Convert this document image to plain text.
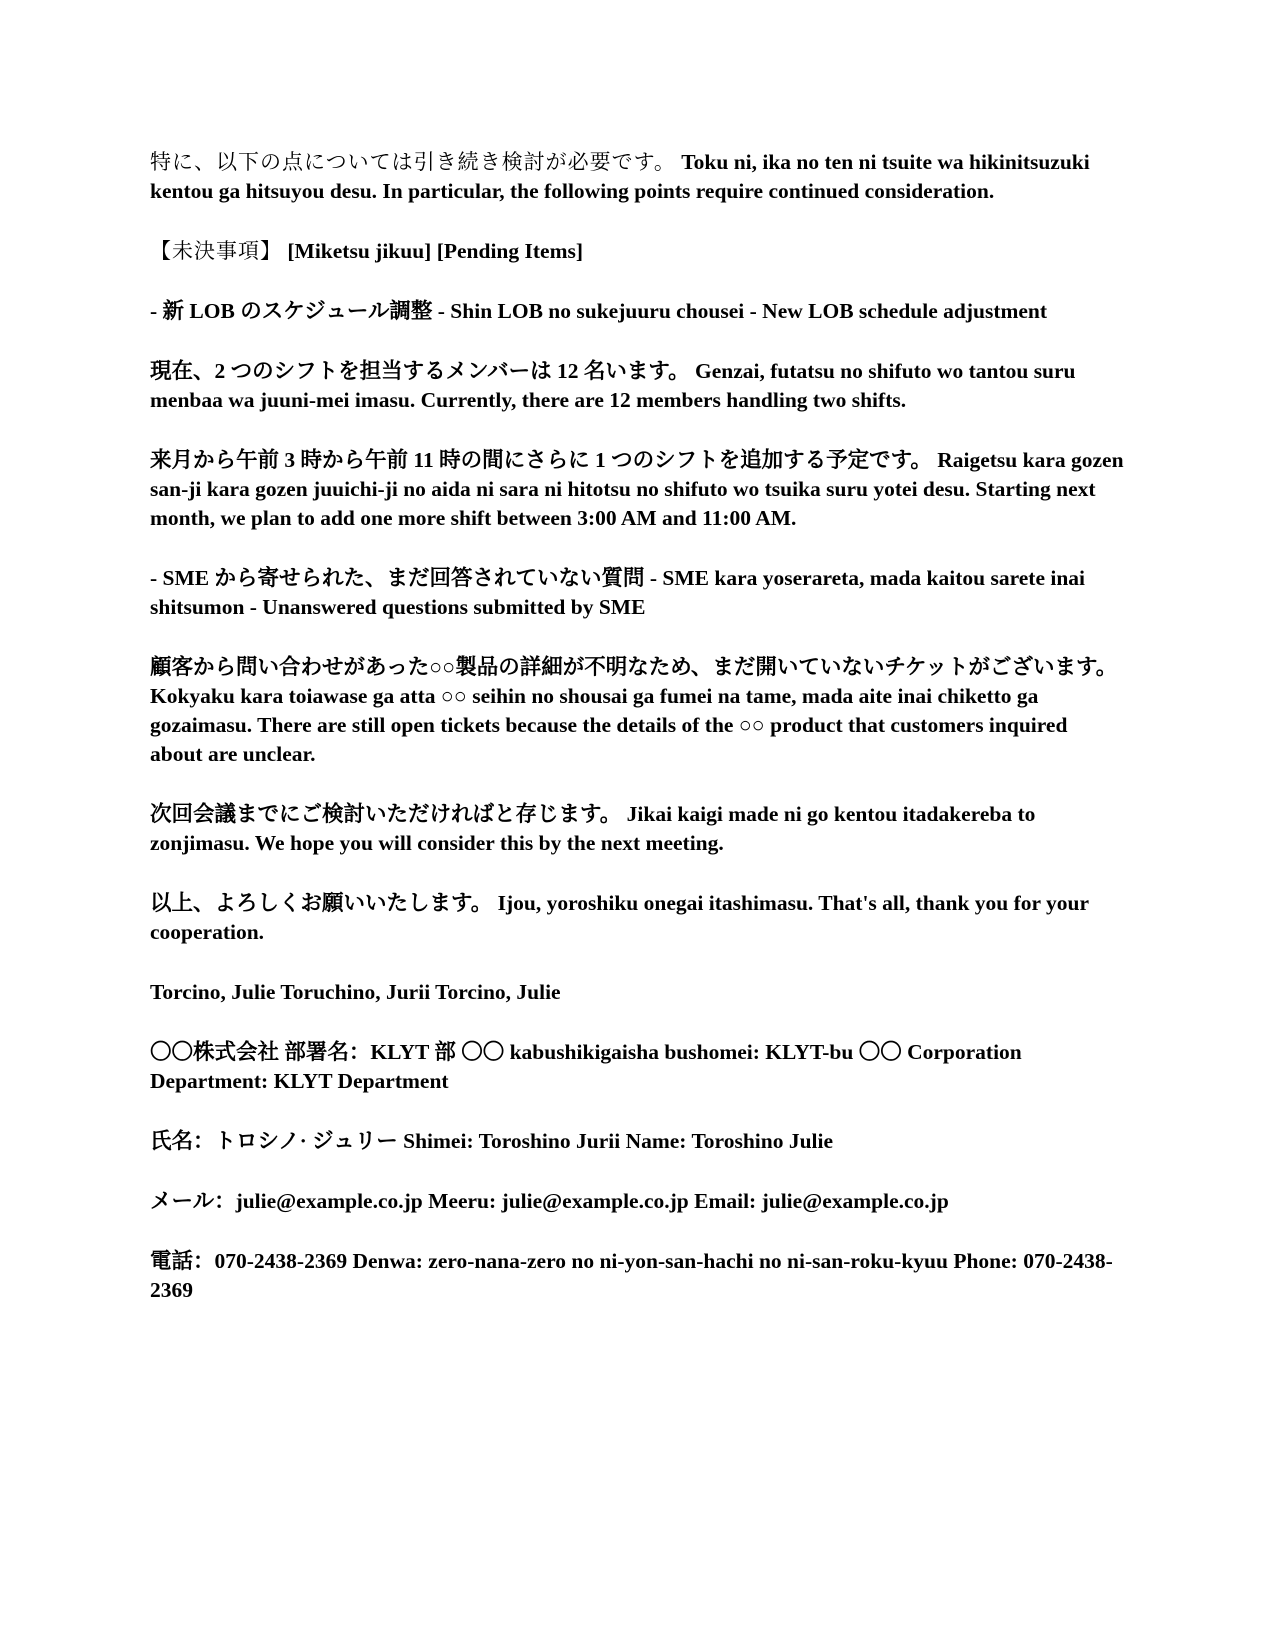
特に、以下の点については引き続き検討が必要です。 Toku ni, ika no ten ni tsuite wa hikinitsuzuki kentou ga hitsuyou desu. In particular, the following points require continued consideration.

【未決事項】 [Miketsu jikuu] [Pending Items]

- 新 LOB のスケジュール調整 - Shin LOB no sukejuuru chousei - New LOB schedule adjustment

現在、2 つのシフトを担当するメンバーは 12 名います。 Genzai, futatsu no shifuto wo tantou suru menbaa wa juuni-mei imasu. Currently, there are 12 members handling two shifts.

来月から午前 3 時から午前 11 時の間にさらに 1 つのシフトを追加する予定です。 Raigetsu kara gozen san-ji kara gozen juuichi-ji no aida ni sara ni hitotsu no shifuto wo tsuika suru yotei desu. Starting next month, we plan to add one more shift between 3:00 AM and 11:00 AM.

- SME から寄せられた、まだ回答されていない質問 - SME kara yoserareta, mada kaitou sarete inai shitsumon - Unanswered questions submitted by SME

顧客から問い合わせがあった○○製品の詳細が不明なため、まだ開いていないチケットがございます。 Kokyaku kara toiawase ga atta ○○ seihin no shousai ga fumei na tame, mada aite inai chiketto ga gozaimasu. There are still open tickets because the details of the ○○ product that customers inquired about are unclear.

次回会議までにご検討いただければと存じます。 Jikai kaigi made ni go kentou itadakereba to zonjimasu. We hope you will consider this by the next meeting.

以上、よろしくお願いいたします。 Ijou, yoroshiku onegai itashimasu. That's all, thank you for your cooperation.

Torcino, Julie Toruchino, Jurii Torcino, Julie

〇〇株式会社 部署名：KLYT 部 〇〇 kabushikigaisha bushomei: KLYT-bu 〇〇 Corporation Department: KLYT Department

氏名：トロシノ· ジュリー Shimei: Toroshino Jurii Name: Toroshino Julie

メール：julie@example.co.jp Meeru: julie@example.co.jp Email: julie@example.co.jp

電話：070-2438-2369 Denwa: zero-nana-zero no ni-yon-san-hachi no ni-san-roku-kyuu Phone: 070-2438-2369
